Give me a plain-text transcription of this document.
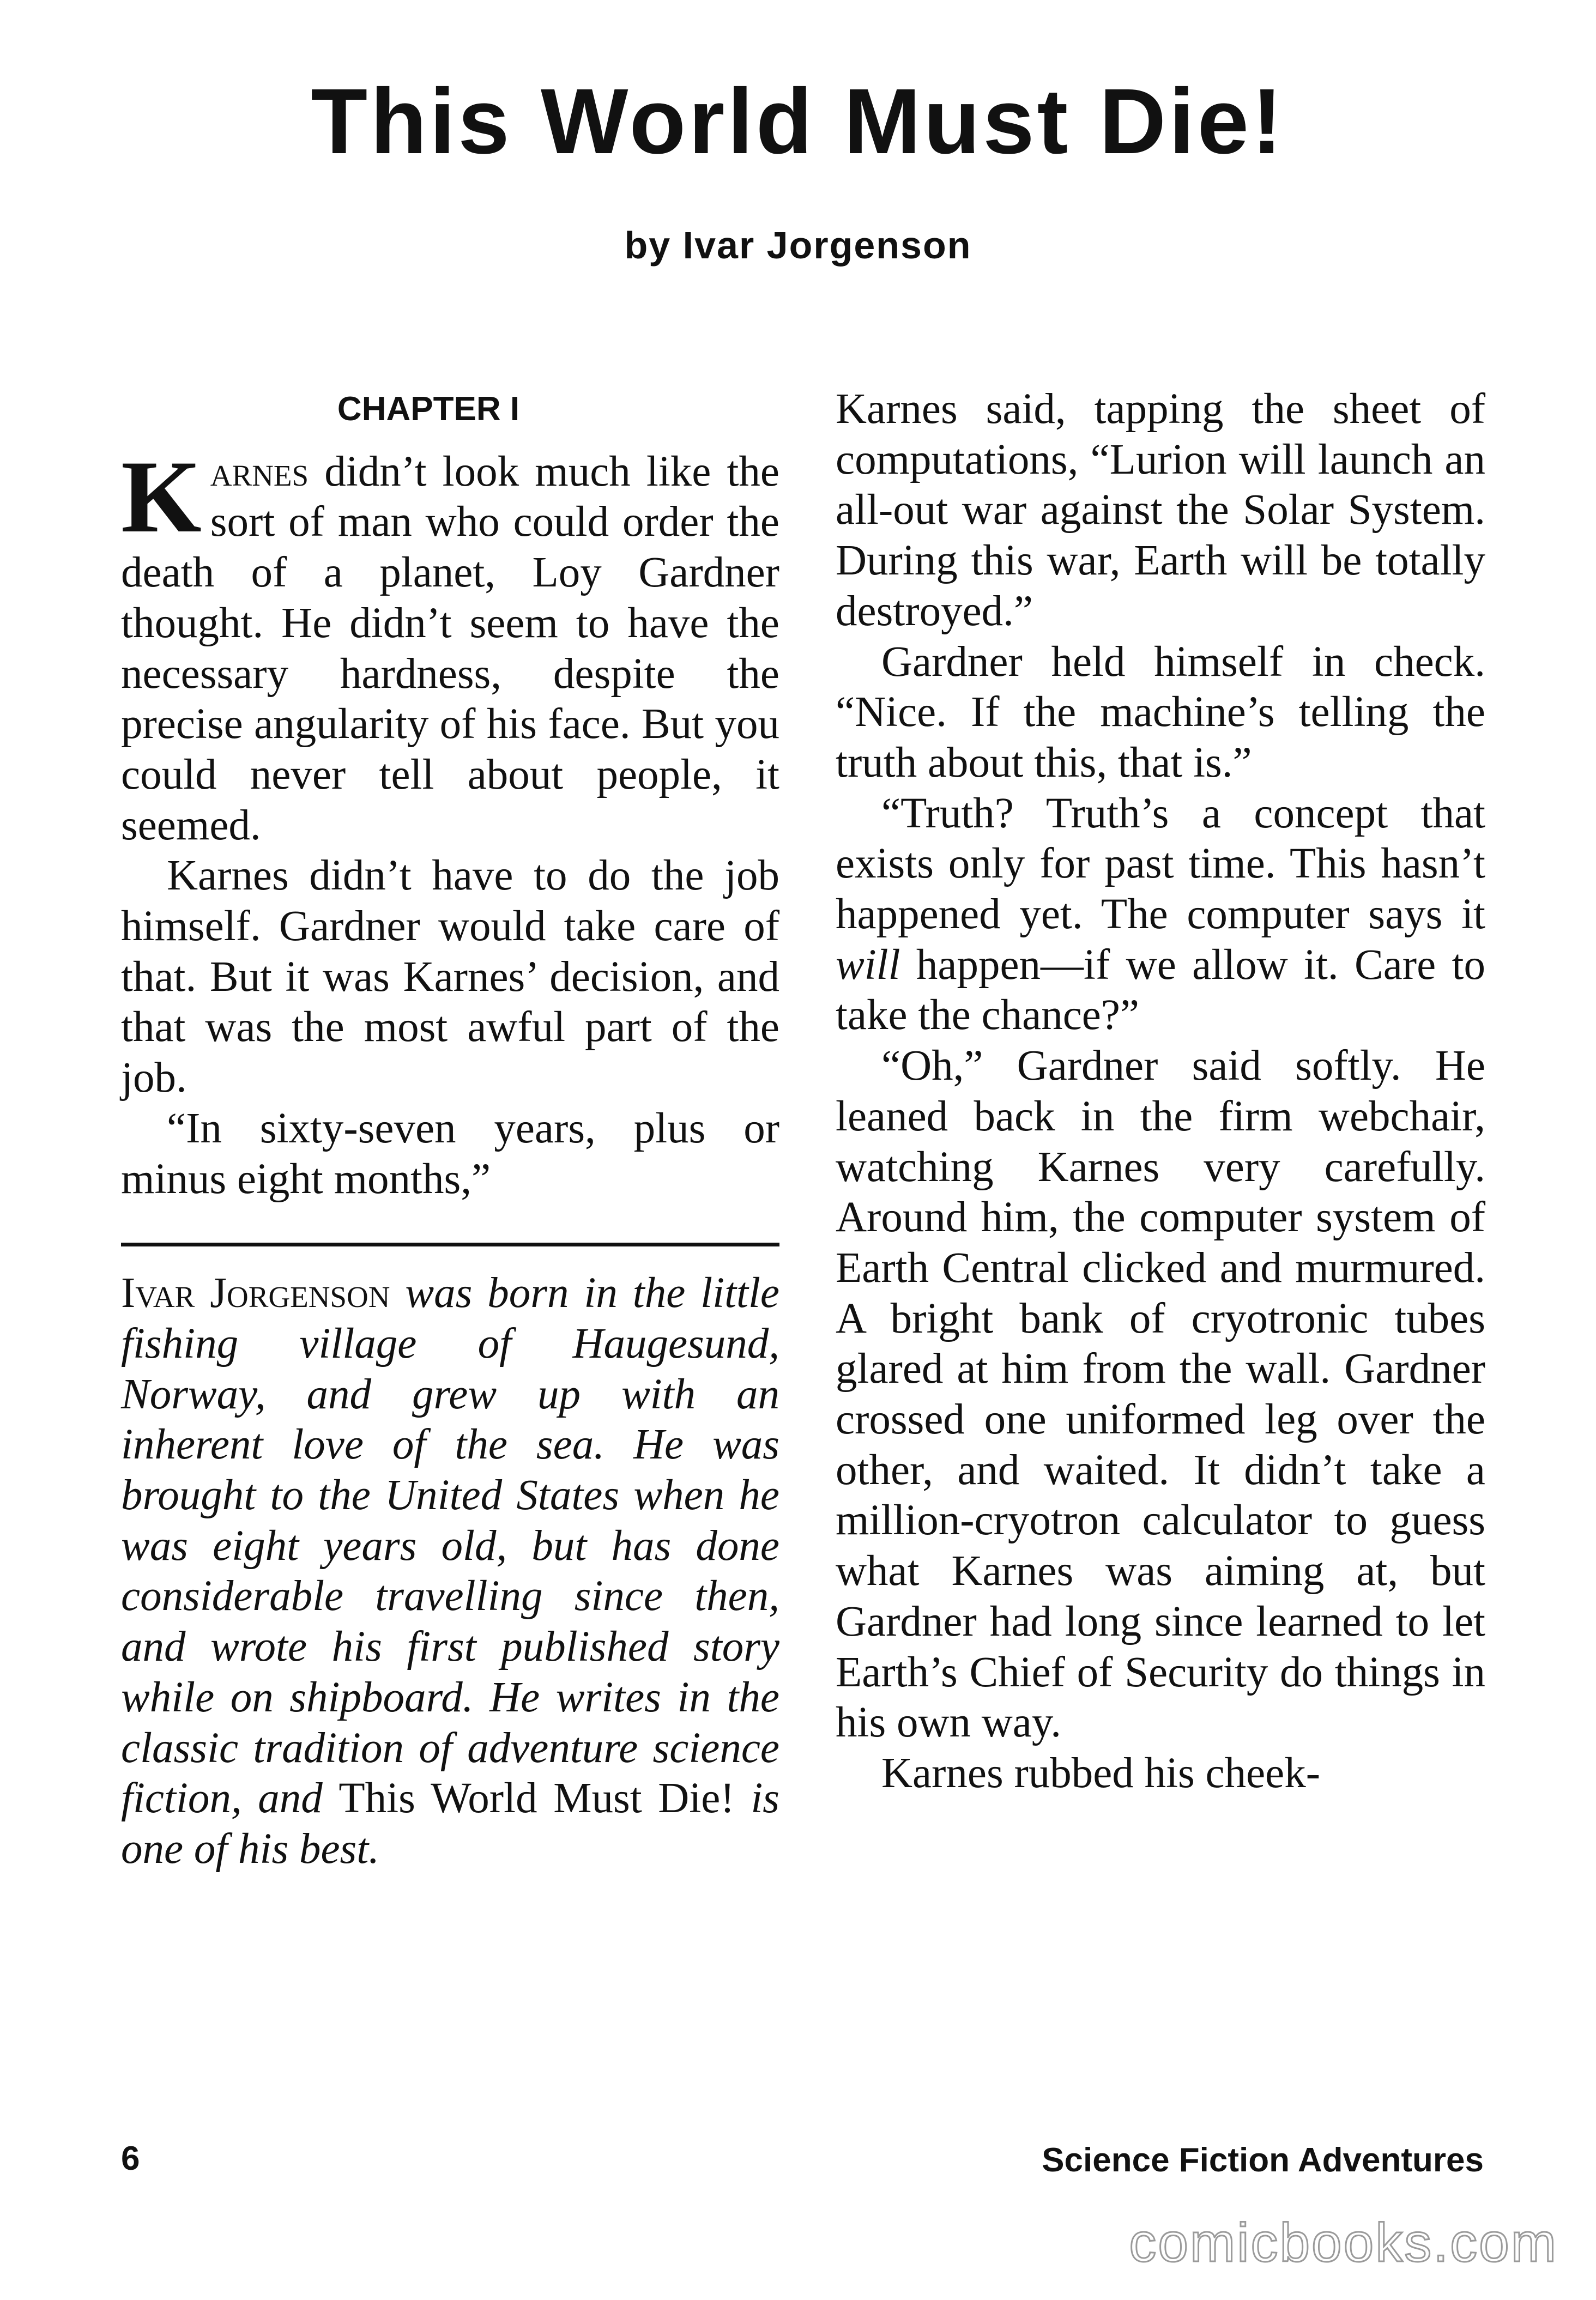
This World Must Die!
by Ivar Jorgenson
CHAPTER I

Karnes didn’t look much like the sort of man who could order the death of a planet, Loy Gardner thought. He didn’t seem to have the necessary hardness, despite the precise angularity of his face. But you could never tell about people, it seemed.

Karnes didn’t have to do the job himself. Gardner would take care of that. But it was Karnes’ decision, and that was the most awful part of the job.

“In sixty-seven years, plus or minus eight months,”

Ivar Jorgenson was born in the little fishing village of Haugesund, Norway, and grew up with an inherent love of the sea. He was brought to the United States when he was eight years old, but has done considerable travelling since then, and wrote his first published story while on shipboard. He writes in the classic tradition of adventure science fiction, and This World Must Die! is one of his best.

Karnes said, tapping the sheet of computations, “Lurion will launch an all-out war against the Solar System. During this war, Earth will be totally destroyed.”

Gardner held himself in check. “Nice. If the machine’s telling the truth about this, that is.”

“Truth? Truth’s a concept that exists only for past time. This hasn’t happened yet. The computer says it will happen—if we allow it. Care to take the chance?”

“Oh,” Gardner said softly. He leaned back in the firm webchair, watching Karnes very carefully. Around him, the computer system of Earth Central clicked and murmured. A bright bank of cryotronic tubes glared at him from the wall. Gardner crossed one uniformed leg over the other, and waited. It didn’t take a million-cryotron calculator to guess what Karnes was aiming at, but Gardner had long since learned to let Earth’s Chief of Security do things in his own way.

Karnes rubbed his cheek-

6	Science Fiction Adventures
comicbooks.com
